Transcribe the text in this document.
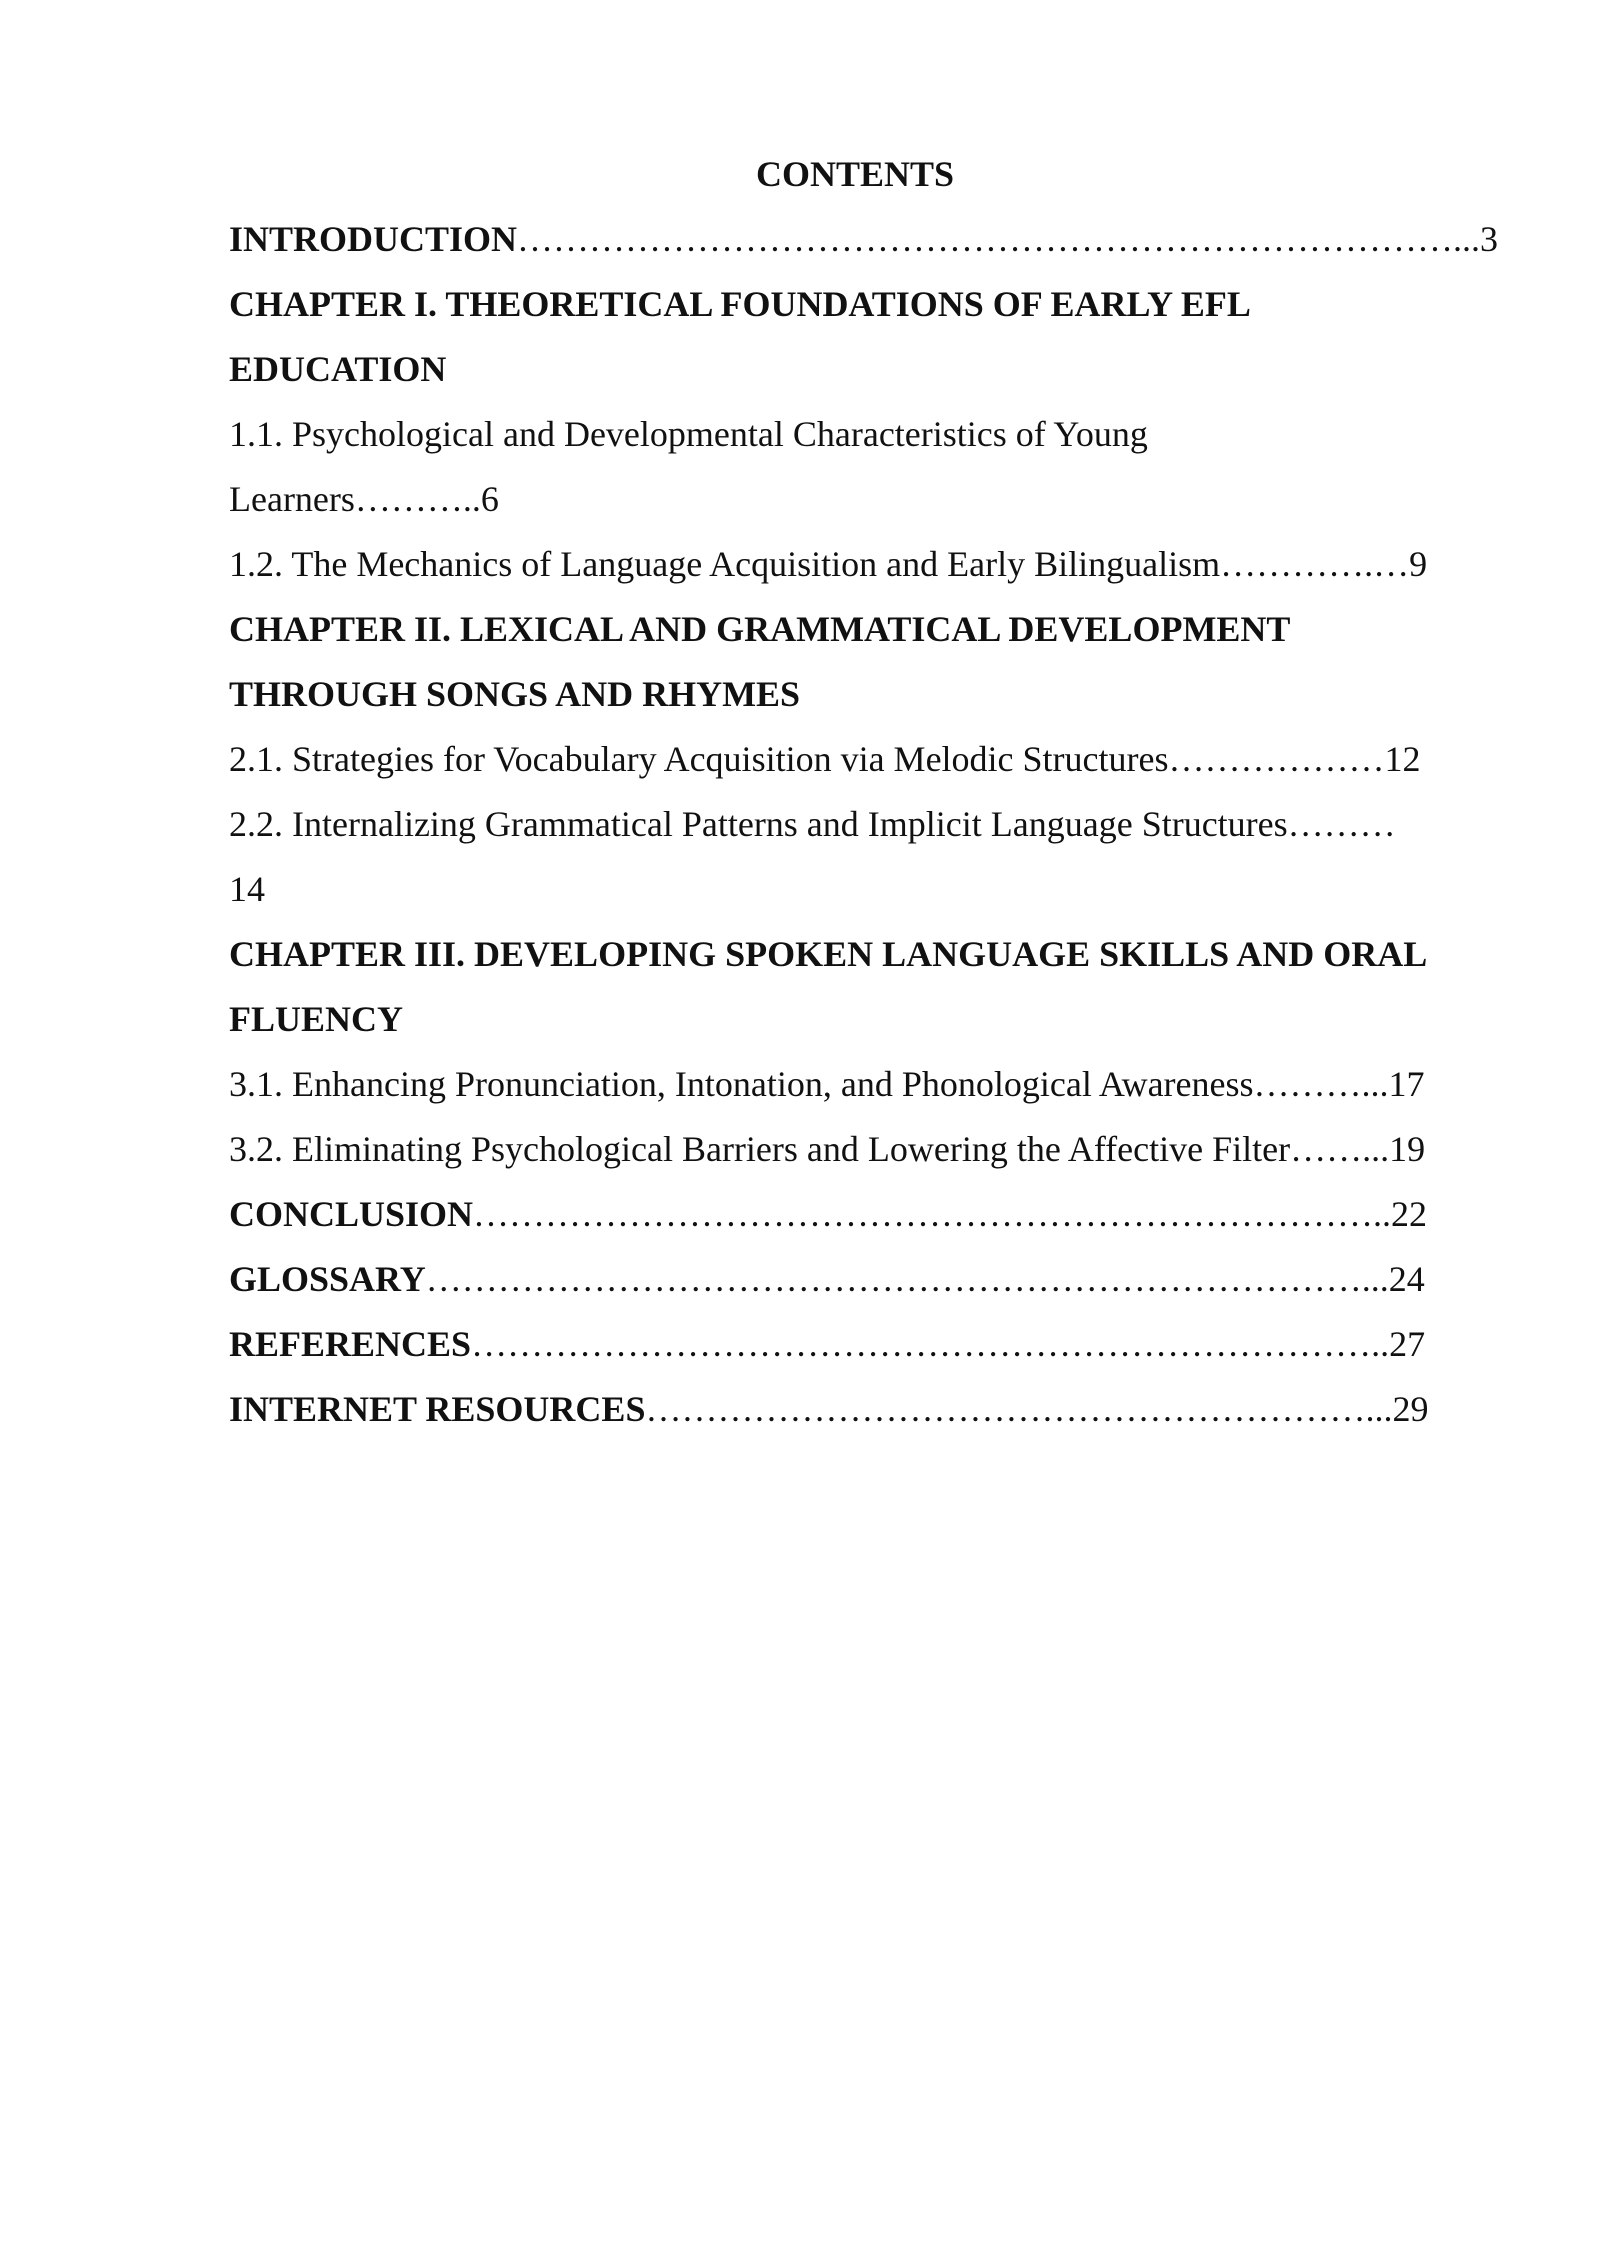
CONTENTS
INTRODUCTION……………………………………………………………………...3
CHAPTER I. THEORETICAL FOUNDATIONS OF EARLY EFL
EDUCATION
1.1. Psychological and Developmental Characteristics of Young
Learners………..6
1.2. The Mechanics of Language Acquisition and Early Bilingualism………….…9
CHAPTER II. LEXICAL AND GRAMMATICAL DEVELOPMENT
THROUGH SONGS AND RHYMES
2.1. Strategies for Vocabulary Acquisition via Melodic Structures………………12
2.2. Internalizing Grammatical Patterns and Implicit Language Structures………
14
CHAPTER III. DEVELOPING SPOKEN LANGUAGE SKILLS AND ORAL
FLUENCY
3.1. Enhancing Pronunciation, Intonation, and Phonological Awareness………...17
3.2. Eliminating Psychological Barriers and Lowering the Affective Filter……...19
CONCLUSION…………………………………………………………………..22
GLOSSARY……………………………………………………………………...24
REFERENCES…………………………………………………………………..27
INTERNET RESOURCES……………………………………………………...29
